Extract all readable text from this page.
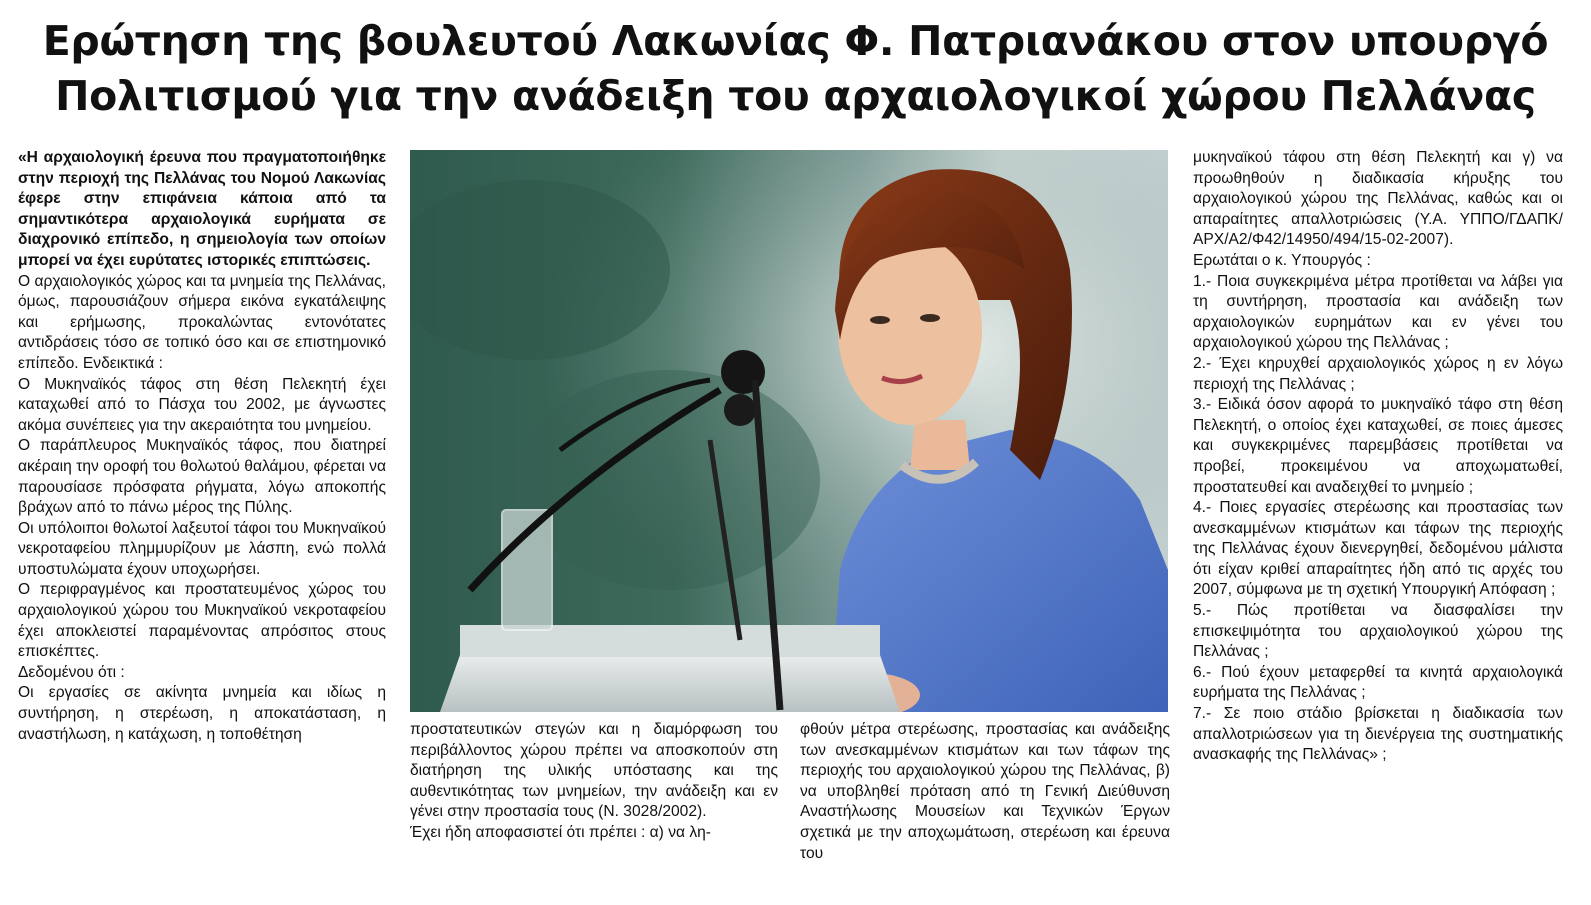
Ερώτηση της βουλευτού Λακωνίας Φ. Πατριανάκου στον υπουργό
Πολιτισμού για την ανάδειξη του αρχαιολογικοί χώρου Πελλάνας

«Η αρχαιολογική έρευνα που πραγματοποιήθηκε στην περιοχή της Πελλάνας του Νομού Λακωνίας έφερε στην επιφάνεια κάποια από τα σημαντικότερα αρχαιολογικά ευρήματα σε διαχρονικό επίπεδο, η σημειολογία των οποίων μπορεί να έχει ευρύτατες ιστορικές επιπτώσεις.

Ο αρχαιολογικός χώρος και τα μνημεία της Πελλάνας, όμως, παρουσιάζουν σήμερα εικόνα εγκατάλειψης και ερήμωσης, προκαλώντας εντονότατες αντιδράσεις τόσο σε τοπικό όσο και σε επιστημονικό επίπεδο. Ενδεικτικά :

Ο Μυκηναϊκός τάφος στη θέση Πελεκητή έχει καταχωθεί από το Πάσχα του 2002, με άγνωστες ακόμα συνέπειες για την ακεραιότητα του μνημείου.

Ο παράπλευρος Μυκηναϊκός τάφος, που διατηρεί ακέραιη την οροφή του θολωτού θαλάμου, φέρεται να παρουσίασε πρόσφατα ρήγματα, λόγω αποκοπής βράχων από το πάνω μέρος της Πύλης.

Οι υπόλοιποι θολωτοί λαξευτοί τάφοι του Μυκηναϊκού νεκροταφείου πλημμυρίζουν με λάσπη, ενώ πολλά υποστυλώματα έχουν υποχωρήσει.

Ο περιφραγμένος και προστατευμένος χώρος του αρχαιολογικού χώρου του Μυκηναϊκού νεκροταφείου έχει αποκλειστεί παραμένοντας απρόσιτος στους επισκέπτες.

Δεδομένου ότι :

Οι εργασίες σε ακίνητα μνημεία και ιδίως η συντήρηση, η στερέωση, η αποκατάσταση, η αναστήλωση, η κατάχωση, η τοποθέτηση	προστατευτικών στεγών και η διαμόρφωση του περιβάλλοντος χώρου πρέπει να αποσκοπούν στη διατήρηση της υλικής υπόστασης και της αυθεντικότητας των μνημείων, την ανάδειξη και εν γένει στην προστασία τους (Ν. 3028/2002).

Έχει ήδη αποφασιστεί ότι πρέπει : α) να λη-

φθούν μέτρα στερέωσης, προστασίας και ανάδειξης των ανεσκαμμένων κτισμάτων και των τάφων της περιοχής του αρχαιολογικού χώρου της Πελλάνας, β) να υποβληθεί πρόταση από τη Γενική Διεύθυνση Αναστήλωσης Μουσείων και Τεχνικών Έργων σχετικά με την αποχωμάτωση, στερέωση και έρευνα του

μυκηναϊκού τάφου στη θέση Πελεκητή και γ) να προωθηθούν η διαδικασία κήρυξης του αρχαιολογικού χώρου της Πελλάνας, καθώς και οι απαραίτητες απαλλοτριώσεις (Υ.Α. ΥΠΠΟ/ΓΔΑΠΚ/ΑΡΧ/Α2/Φ42/14950/494/15-02-2007).

Ερωτάται ο κ. Υπουργός :

1.- Ποια συγκεκριμένα μέτρα προτίθεται να λάβει για τη συντήρηση, προστασία και ανάδειξη των αρχαιολογικών ευρημάτων και εν γένει του αρχαιολογικού χώρου της Πελλάνας ;

2.- Έχει κηρυχθεί αρχαιολογικός χώρος η εν λόγω περιοχή της Πελλάνας ;

3.- Ειδικά όσον αφορά το μυκηναϊκό τάφο στη θέση Πελεκητή, ο οποίος έχει καταχωθεί, σε ποιες άμεσες και συγκεκριμένες παρεμβάσεις προτίθεται να προβεί, προκειμένου να αποχωματωθεί, προστατευθεί και αναδειχθεί το μνημείο ;

4.- Ποιες εργασίες στερέωσης και προστασίας των ανεσκαμμένων κτισμάτων και τάφων της περιοχής της Πελλάνας έχουν διενεργηθεί, δεδομένου μάλιστα ότι είχαν κριθεί απαραίτητες ήδη από τις αρχές του 2007, σύμφωνα με τη σχετική Υπουργική Απόφαση ;

5.- Πώς προτίθεται να διασφαλίσει την επισκεψιμότητα του αρχαιολογικού χώρου της Πελλάνας ;

6.- Πού έχουν μεταφερθεί τα κινητά αρχαιολογικά ευρήματα της Πελλάνας ;

7.- Σε ποιο στάδιο βρίσκεται η διαδικασία των απαλλοτριώσεων για τη διενέργεια της συστηματικής ανασκαφής της Πελλάνας» ;
